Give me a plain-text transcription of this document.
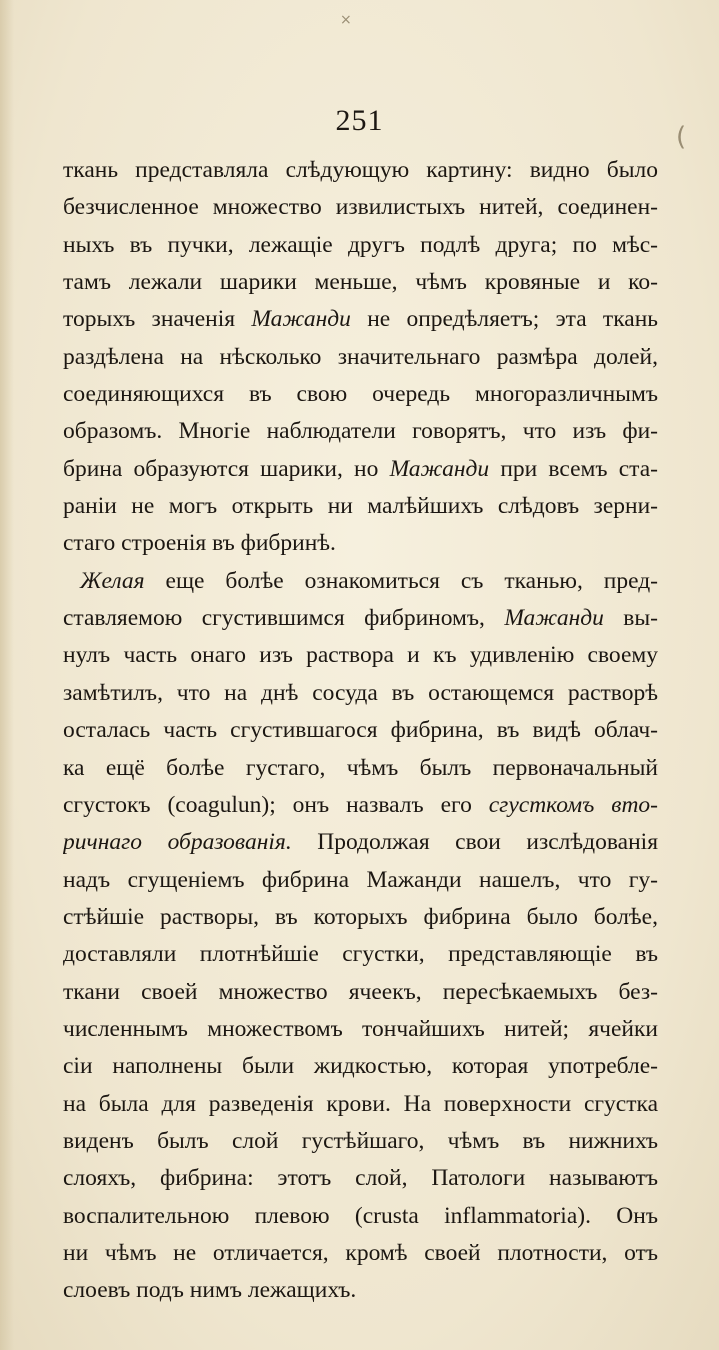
×
(
251
ткань представляла слѣдующую картину: видно было
безчисленное множество извилистыхъ нитей, соединен-
ныхъ въ пучки, лежащіе другъ подлѣ друга; по мѣс-
тамъ лежали шарики меньше, чѣмъ кровяные и ко-
торыхъ значенія Мажанди не опредѣляетъ; эта ткань
раздѣлена на нѣсколько значительнаго размѣра долей,
соединяющихся въ свою очередь многоразличнымъ
образомъ. Многіе наблюдатели говорятъ, что изъ фи-
брина образуются шарики, но Мажанди при всемъ ста-
раніи не могъ открыть ни малѣйшихъ слѣдовъ зерни-
стаго строенія въ фибринѣ.
Желая еще болѣе ознакомиться съ тканью, пред-
ставляемою сгустившимся фибриномъ, Мажанди вы-
нулъ часть онаго изъ раствора и къ удивленію своему
замѣтилъ, что на днѣ сосуда въ остающемся растворѣ
осталась часть сгустившагося фибрина, въ видѣ облач-
ка ещё болѣе густаго, чѣмъ былъ первоначальный
сгустокъ (coagulun); онъ назвалъ его сгусткомъ вто-
ричнаго образованія. Продолжая свои изслѣдованія
надъ сгущеніемъ фибрина Мажанди нашелъ, что гу-
стѣйшіе растворы, въ которыхъ фибрина было болѣе,
доставляли плотнѣйшіе сгустки, представляющіе въ
ткани своей множество ячеекъ, пересѣкаемыхъ без-
численнымъ множествомъ тончайшихъ нитей; ячейки
сіи наполнены были жидкостью, которая употребле-
на была для разведенія крови. На поверхности сгустка
виденъ былъ слой густѣйшаго, чѣмъ въ нижнихъ
слояхъ, фибрина: этотъ слой, Патологи называютъ
воспалительною плевою (crusta inflammatoria). Онъ
ни чѣмъ не отличается, кромѣ своей плотности, отъ
слоевъ подъ нимъ лежащихъ.
